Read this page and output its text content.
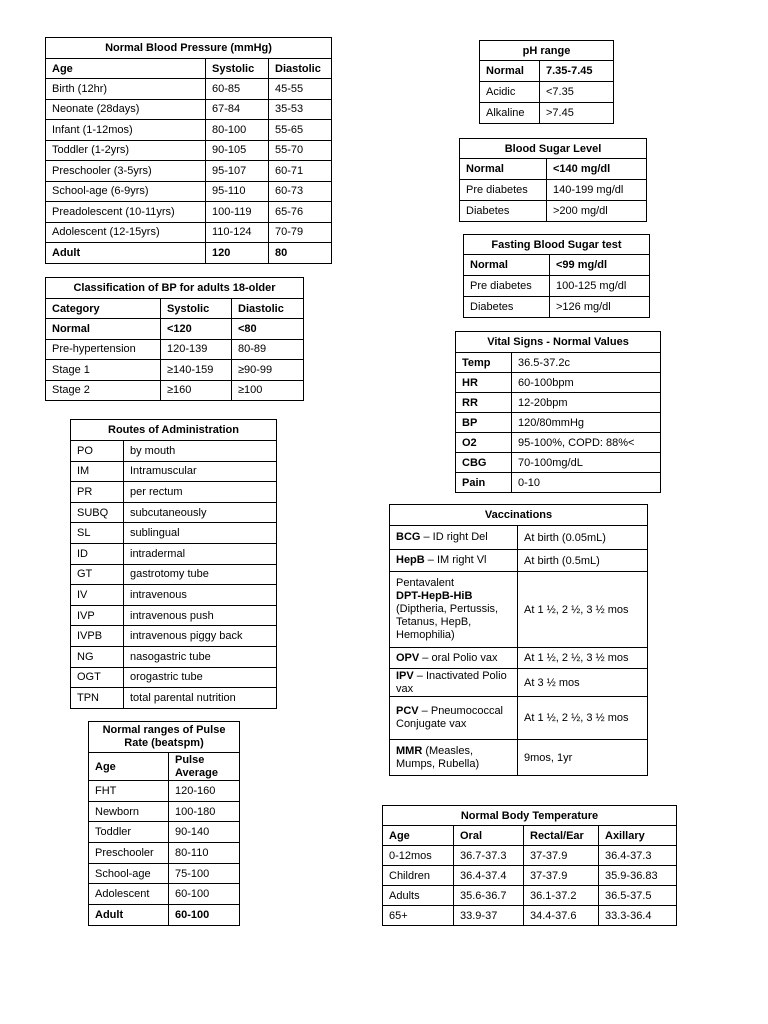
Normal Blood Pressure (mmHg)		
Age	Systolic	Diastolic
Birth (12hr)	60-85	45-55
Neonate (28days)	67-84	35-53
Infant (1-12mos)	80-100	55-65
Toddler (1-2yrs)	90-105	55-70
Preschooler (3-5yrs)	95-107	60-71
School-age (6-9yrs)	95-110	60-73
Preadolescent (10-11yrs)	100-119	65-76
Adolescent (12-15yrs)	110-124	70-79
Adult	120	80
pH range	
Normal	7.35-7.45
Acidic	<7.35
Alkaline	>7.45
Blood Sugar Level	
Normal	<140 mg/dl
Pre diabetes	140-199 mg/dl
Diabetes	>200 mg/dl
Fasting Blood Sugar test	
Normal	<99 mg/dl
Pre diabetes	100-125 mg/dl
Diabetes	>126 mg/dl
Classification of BP for adults 18-older		
Category	Systolic	Diastolic
Normal	<120	<80
Pre-hypertension	120-139	80-89
Stage 1	≥140-159	≥90-99
Stage 2	≥160	≥100
Vital Signs - Normal Values	
Temp	36.5-37.2c
HR	60-100bpm
RR	12-20bpm
BP	120/80mmHg
O2	95-100%, COPD: 88%<
CBG	70-100mg/dL
Pain	0-10
Routes of Administration	
PO	by mouth
IM	Intramuscular
PR	per rectum
SUBQ	subcutaneously
SL	sublingual
ID	intradermal
GT	gastrotomy tube
IV	intravenous
IVP	intravenous push
IVPB	intravenous piggy back
NG	nasogastric tube
OGT	orogastric tube
TPN	total parental nutrition
Vaccinations	
BCG – ID right Del	At birth (0.05mL)
HepB – IM right Vl	At birth (0.5mL)
Pentavalent
DPT-HepB-HiB
(Diptheria, Pertussis, Tetanus, HepB, Hemophilia)	At 1 ½, 2 ½, 3 ½ mos
OPV – oral Polio vax	At 1 ½, 2 ½, 3 ½ mos
IPV – Inactivated Polio vax	At 3 ½ mos
PCV – Pneumococcal Conjugate vax	At 1 ½, 2 ½, 3 ½ mos
MMR (Measles, Mumps, Rubella)	9mos, 1yr
Normal ranges of Pulse Rate (beatspm)	
Age	Pulse Average
FHT	120-160
Newborn	100-180
Toddler	90-140
Preschooler	80-110
School-age	75-100
Adolescent	60-100
Adult	60-100
Normal Body Temperature			
Age	Oral	Rectal/Ear	Axillary
0-12mos	36.7-37.3	37-37.9	36.4-37.3
Children	36.4-37.4	37-37.9	35.9-36.83
Adults	35.6-36.7	36.1-37.2	36.5-37.5
65+	33.9-37	34.4-37.6	33.3-36.4
